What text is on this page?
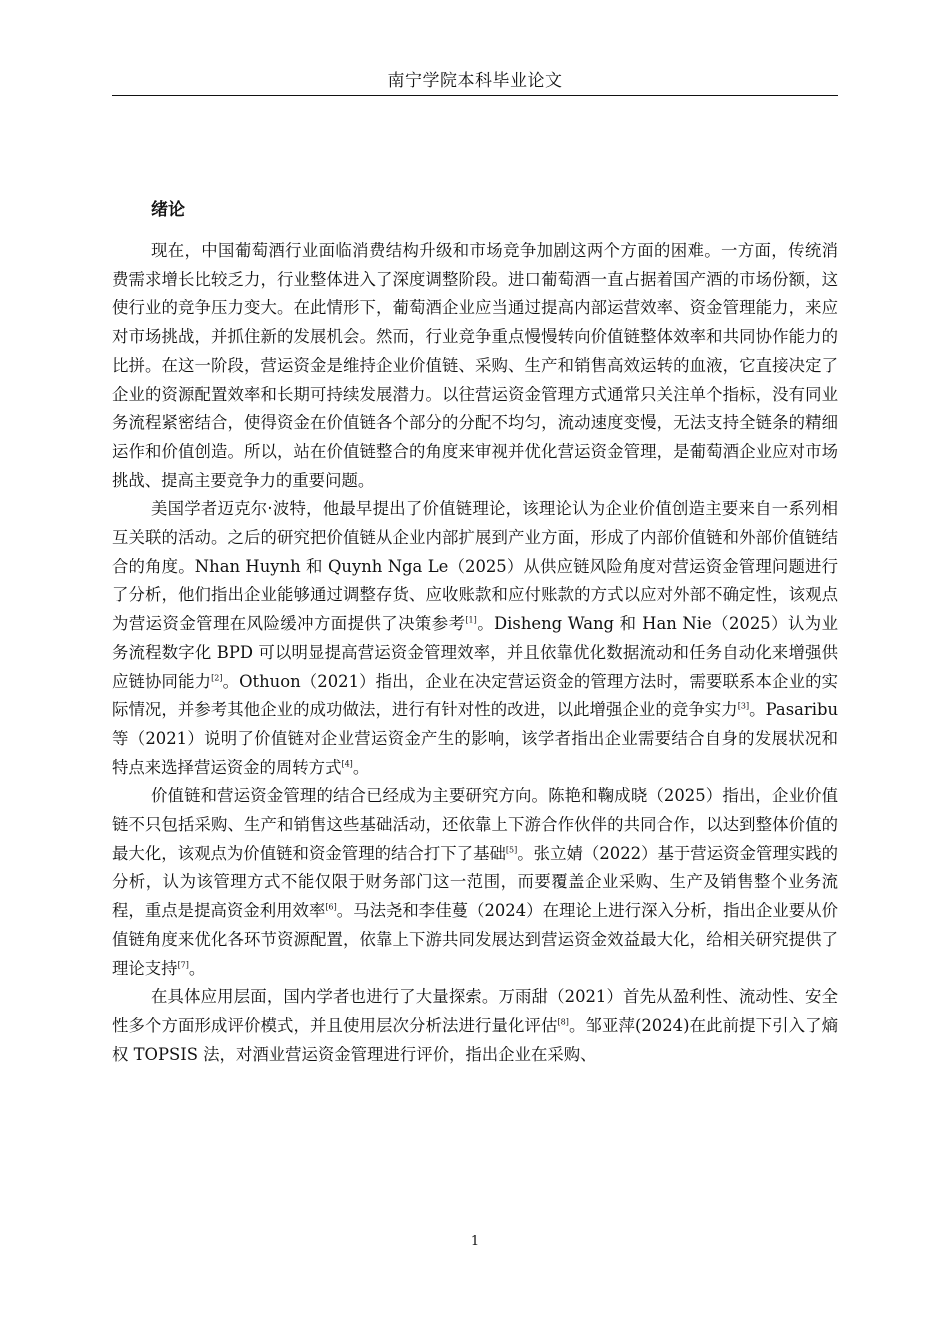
南宁学院本科毕业论文
绪论

现在，中国葡萄酒行业面临消费结构升级和市场竞争加剧这两个方面的困难。一方面，传统消费需求增长比较乏力，行业整体进入了深度调整阶段。进口葡萄酒一直占据着国产酒的市场份额，这使行业的竞争压力变大。在此情形下，葡萄酒企业应当通过提高内部运营效率、资金管理能力，来应对市场挑战，并抓住新的发展机会。然而，行业竞争重点慢慢转向价值链整体效率和共同协作能力的比拼。在这一阶段，营运资金是维持企业价值链、采购、生产和销售高效运转的血液，它直接决定了企业的资源配置效率和长期可持续发展潜力。以往营运资金管理方式通常只关注单个指标，没有同业务流程紧密结合，使得资金在价值链各个部分的分配不均匀，流动速度变慢，无法支持全链条的精细运作和价值创造。所以，站在价值链整合的角度来审视并优化营运资金管理，是葡萄酒企业应对市场挑战、提高主要竞争力的重要问题。

美国学者迈克尔·波特，他最早提出了价值链理论，该理论认为企业价值创造主要来自一系列相互关联的活动。之后的研究把价值链从企业内部扩展到产业方面，形成了内部价值链和外部价值链结合的角度。Nhan Huynh 和 Quynh Nga Le（2025）从供应链风险角度对营运资金管理问题进行了分析，他们指出企业能够通过调整存货、应收账款和应付账款的方式以应对外部不确定性，该观点为营运资金管理在风险缓冲方面提供了决策参考[1]。Disheng Wang 和 Han Nie（2025）认为业务流程数字化 BPD 可以明显提高营运资金管理效率，并且依靠优化数据流动和任务自动化来增强供应链协同能力[2]。Othuon（2021）指出，企业在决定营运资金的管理方法时，需要联系本企业的实际情况，并参考其他企业的成功做法，进行有针对性的改进，以此增强企业的竞争实力[3]。Pasaribu 等（2021）说明了价值链对企业营运资金产生的影响，该学者指出企业需要结合自身的发展状况和特点来选择营运资金的周转方式[4]。

价值链和营运资金管理的结合已经成为主要研究方向。陈艳和鞠成晓（2025）指出，企业价值链不只包括采购、生产和销售这些基础活动，还依靠上下游合作伙伴的共同合作，以达到整体价值的最大化，该观点为价值链和资金管理的结合打下了基础[5]。张立婧（2022）基于营运资金管理实践的分析，认为该管理方式不能仅限于财务部门这一范围，而要覆盖企业采购、生产及销售整个业务流程，重点是提高资金利用效率[6]。马法尧和李佳蔓（2024）在理论上进行深入分析，指出企业要从价值链角度来优化各环节资源配置，依靠上下游共同发展达到营运资金效益最大化，给相关研究提供了理论支持[7]。

在具体应用层面，国内学者也进行了大量探索。万雨甜（2021）首先从盈利性、流动性、安全性多个方面形成评价模式，并且使用层次分析法进行量化评估[8]。邹亚萍(2024)在此前提下引入了熵权 TOPSIS 法，对酒业营运资金管理进行评价，指出企业在采购、

1
